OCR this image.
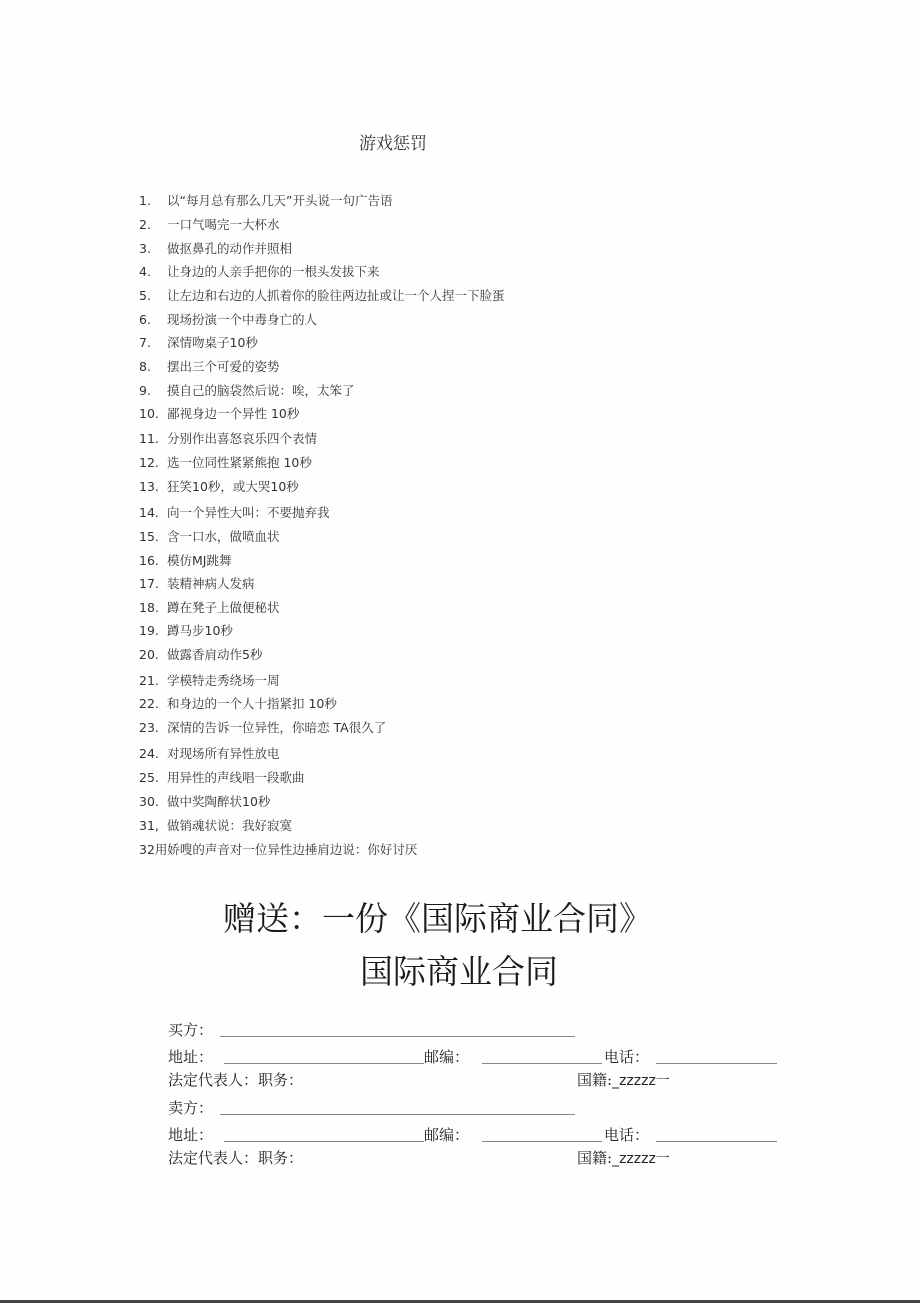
游戏惩罚
1. 以“每月总有那么几天”开头说一句广告语
2. 一口气喝完一大杯水
3. 做抠鼻孔的动作并照相
4. 让身边的人亲手把你的一根头发拔下来
5. 让左边和右边的人抓着你的脸往两边扯或让一个人捏一下脸蛋
6. 现场扮演一个中毒身亡的人
7. 深情吻桌子10秒
8. 摆出三个可爱的姿势
9. 摸自己的脑袋然后说：唉，太笨了
10. 鄙视身边一个异性 10秒
11. 分别作出喜怒哀乐四个表情
12. 选一位同性紧紧熊抱 10秒
13. 狂笑10秒，或大哭10秒
14. 向一个异性大叫：不要抛弃我
15. 含一口水，做喷血状
16. 模仿MJ跳舞
17. 装精神病人发病
18. 蹲在凳子上做便秘状
19. 蹲马步10秒
20. 做露香肩动作5秒
21. 学模特走秀绕场一周
22. 和身边的一个人十指紧扣 10秒
23. 深情的告诉一位异性，你暗恋 TA很久了
24. 对现场所有异性放电
25. 用异性的声线唱一段歌曲
30. 做中奖陶醉状10秒
31, 做销魂状说：我好寂寞
32用娇嗖的声音对一位异性边捶肩边说：你好讨厌
赠送：一份《国际商业合同》
国际商业合同
买方：
地址：	邮编：	电话：
法定代表人：职务：	国籍:_zzzzz一
卖方：
地址：	邮编：	电话：
法定代表人：职务：	国籍:_zzzzz一
